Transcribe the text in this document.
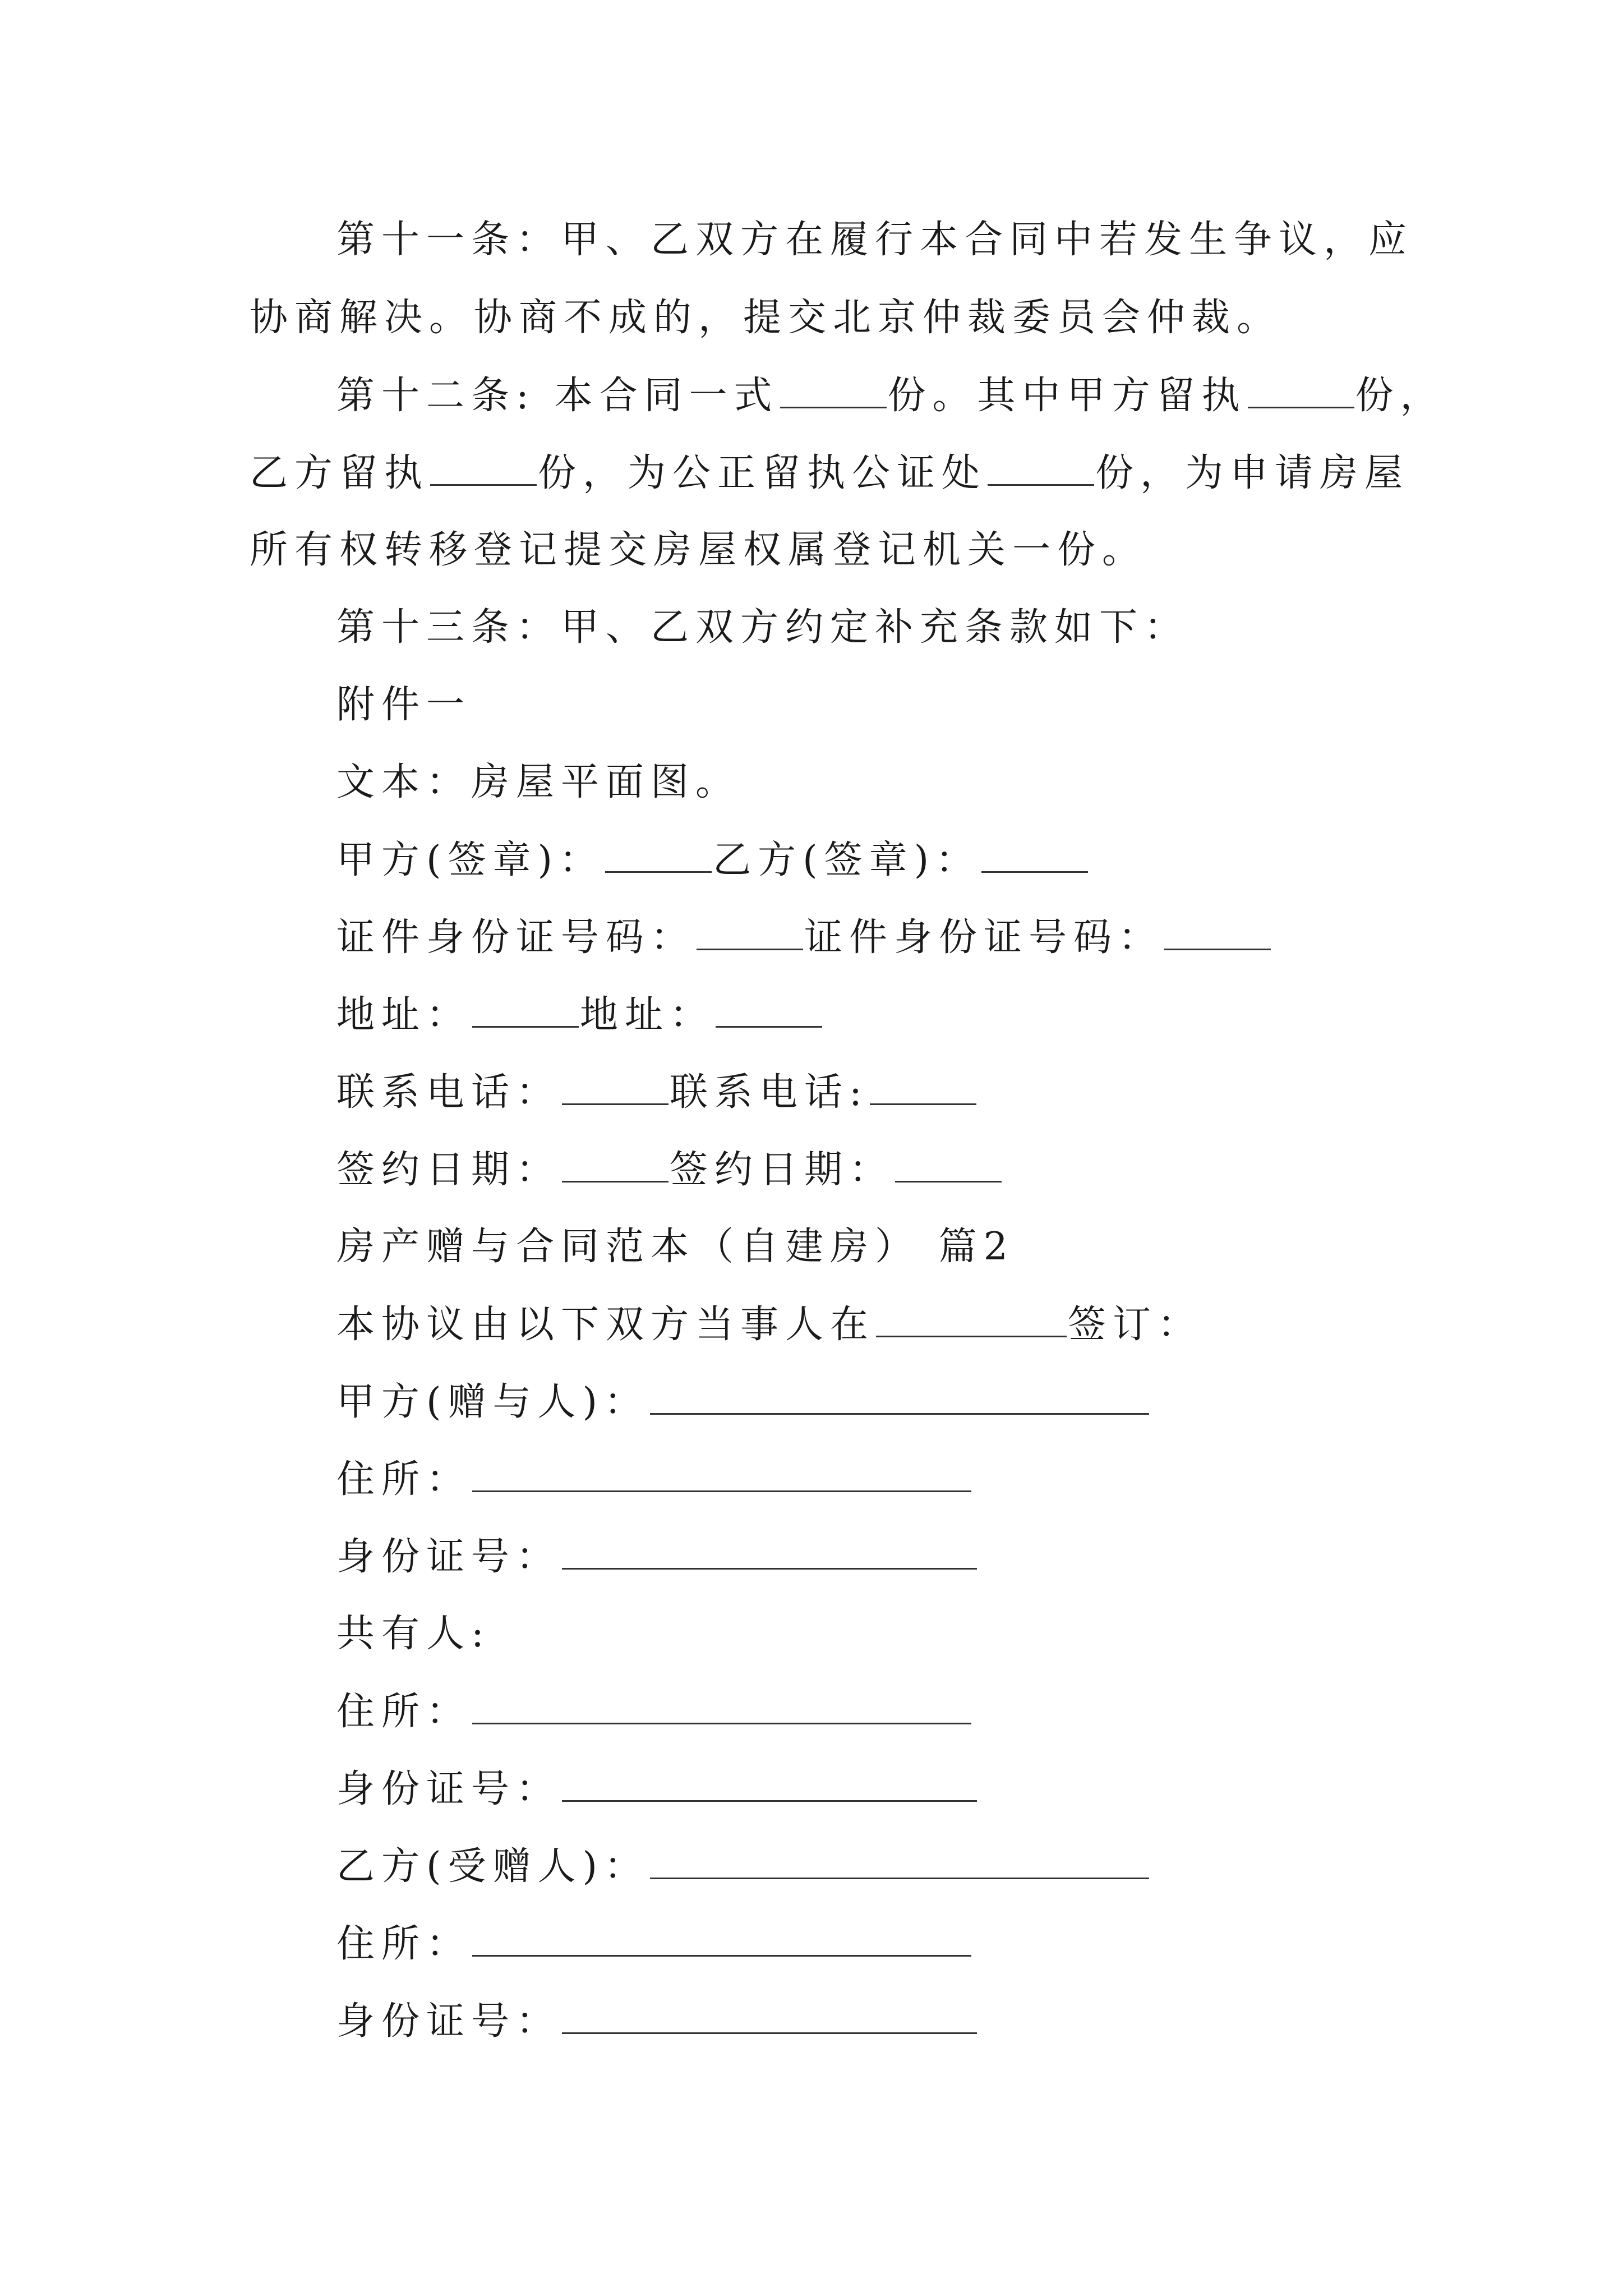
第十一条：甲、乙双方在履行本合同中若发生争议，应
协商解决。协商不成的，提交北京仲裁委员会仲裁。
第十二条: 本合同一式	份。其中甲方留执	份，
乙方留执	份，为公正留执公证处	份，为申请房屋
所有权转移登记提交房屋权属登记机关一份。
第十三条：甲、乙双方约定补充条款如下：
附件一
文本：房屋平面图。
甲方(签章)：	乙方(签章)：
证件身份证号码：	证件身份证号码：
地址：	地址：
联系电话：	联系电话:
签约日期：	签约日期：
房产赠与合同范本（自建房） 篇2
本协议由以下双方当事人在	签订：
甲方(赠与人)：
住所：
身份证号：
共有人:
住所：
身份证号：
乙方(受赠人)：
住所：
身份证号：
